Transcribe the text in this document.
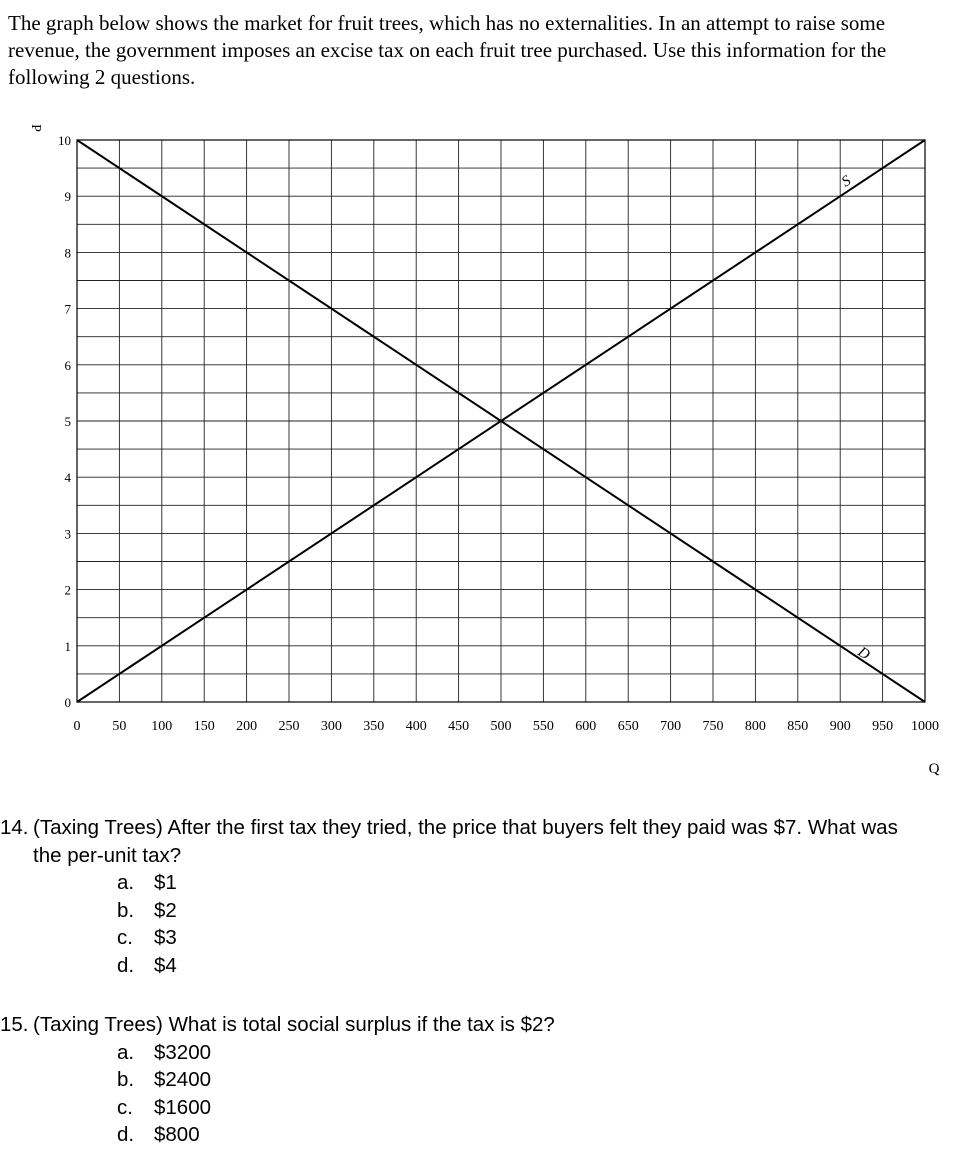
The graph below shows the market for fruit trees, which has no externalities. In an attempt to raise some revenue, the government imposes an excise tax on each fruit tree purchased. Use this information for the following 2 questions.

0 50 100 150 200 250 300 350 400 450 500 550 600 650 700 750 800 850 900 950 1000
0
1
2
3
4
5
6
7
8
9
10
S
D
P
Q
14. (Taxing Trees) After the first tax they tried, the price that buyers felt they paid was $7. What was the per-unit tax?
a. $1
b. $2
c.	$3
d. $4
15. (Taxing Trees) What is total social surplus if the tax is $2?
a. $3200
b. $2400
c.	$1600
d. $800
